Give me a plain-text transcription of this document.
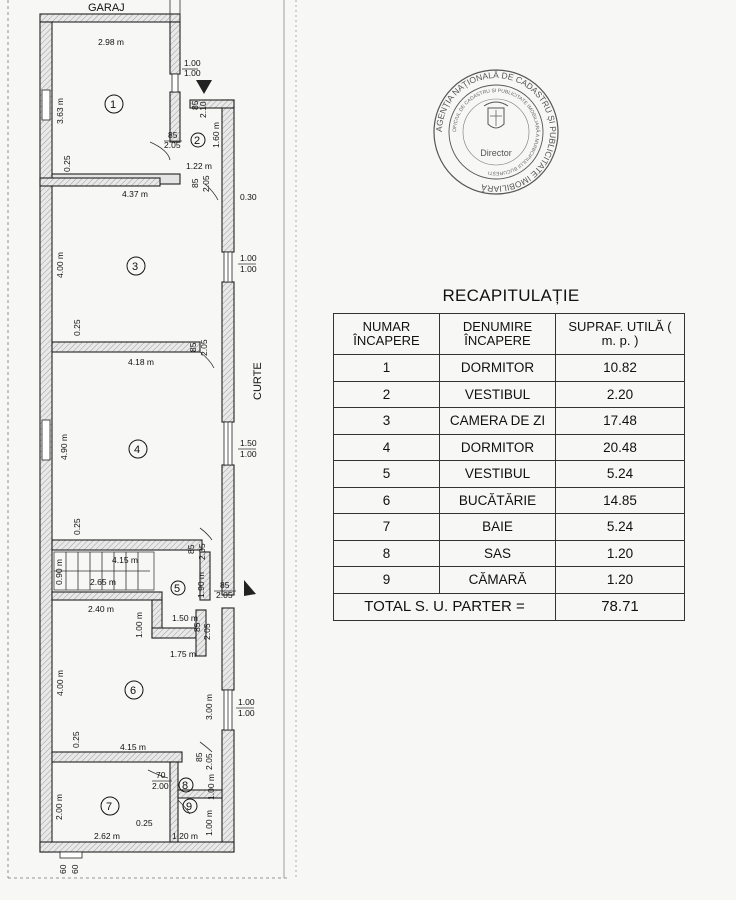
GARAJ
1
2
3
4
5
6
7
8
9
CURTE
2.98 m
3.63 m
1.00
1.00
2.10
85
1.60 m
85
2.05
1.22 m
0.25
85 2.05
4.37 m	0.30
4.00 m	1.00
1.00
0.25
85 2.05
4.18 m
4.90 m	1.50
1.00
0.25
85 2.05
4.15 m
0.90 m	2.65 m	1.90 m 85
2.05
2.40 m
1.00 m	1.50 m
85 2.05
1.75 m
4.00 m
3.00 m	1.00
1.00
0.25	4.15 m
85 2.05
70
2.00	1.00 m
2.00 m
1.00 m
2.62 m
0.25
1.20 m
60 60
AGENȚIA NAȚIONALĂ DE CADASTRU ȘI PUBLICITATE IMOBILIARĂ
OFICIUL DE CADASTRU ȘI PUBLICITATE IMOBILIARĂ A MUNICIPIULUI BUCUREȘTI
Director
RECAPITULAȚIE
NUMAR ÎNCAPERE	DENUMIRE ÎNCAPERE	SUPRAF. UTILĂ ( m. p. )

1	DORMITOR	10.82
2	VESTIBUL	2.20
3	CAMERA DE ZI	17.48
4	DORMITOR	20.48
5	VESTIBUL	5.24
6	BUCĂTĂRIE	14.85
7	BAIE	5.24
8	SAS	1.20
9	CĂMARĂ	1.20
TOTAL S. U. PARTER =		78.71
